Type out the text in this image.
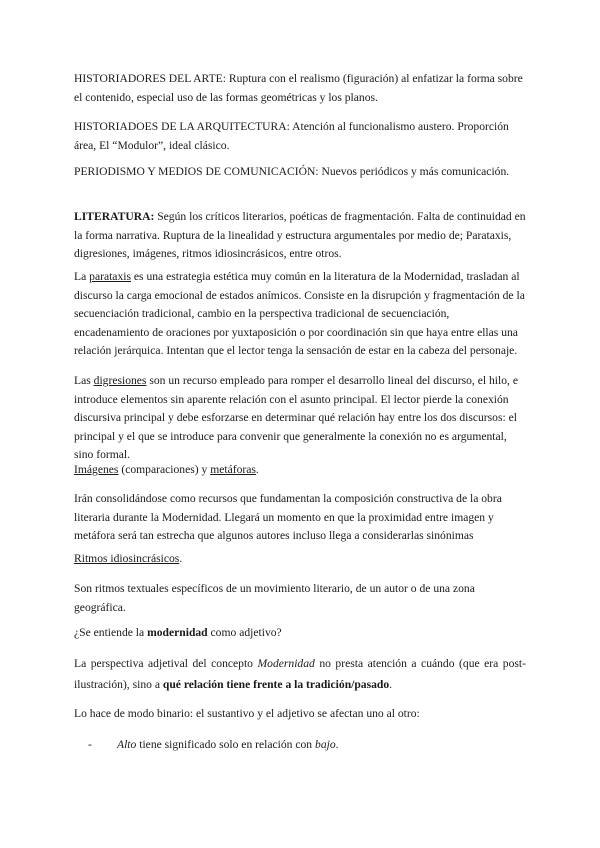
HISTORIADORES DEL ARTE: Ruptura con el realismo (figuración) al enfatizar la forma sobre el contenido, especial uso de las formas geométricas y los planos.

HISTORIADOES DE LA ARQUITECTURA: Atención al funcionalismo austero. Proporción área, El “Modulor”, ideal clásico.

PERIODISMO Y MEDIOS DE COMUNICACIÓN: Nuevos periódicos y más comunicación.

LITERATURA: Según los críticos literarios, poéticas de fragmentación. Falta de continuidad en la forma narrativa. Ruptura de la linealidad y estructura argumentales por medio de; Parataxis, digresiones, imágenes, ritmos idiosincrásicos, entre otros.

La parataxis es una estrategia estética muy común en la literatura de la Modernidad, trasladan al discurso la carga emocional de estados anímicos. Consiste en la disrupción y fragmentación de la secuenciación tradicional, cambio en la perspectiva tradicional de secuenciación, encadenamiento de oraciones por yuxtaposición o por coordinación sin que haya entre ellas una relación jerárquica. Intentan que el lector tenga la sensación de estar en la cabeza del personaje.

Las digresiones son un recurso empleado para romper el desarrollo lineal del discurso, el hilo, e introduce elementos sin aparente relación con el asunto principal. El lector pierde la conexión discursiva principal y debe esforzarse en determinar qué relación hay entre los dos discursos: el principal y el que se introduce para convenir que generalmente la conexión no es argumental, sino formal.

Imágenes (comparaciones) y metáforas.

Irán consolidándose como recursos que fundamentan la composición constructiva de la obra literaria durante la Modernidad. Llegará un momento en que la proximidad entre imagen y metáfora será tan estrecha que algunos autores incluso llega a considerarlas sinónimas

Ritmos idiosincrásicos.

Son ritmos textuales específicos de un movimiento literario, de un autor o de una zona geográfica.

¿Se entiende la modernidad como adjetivo?

La perspectiva adjetival del concepto Modernidad no presta atención a cuándo (que era post-ilustración), sino a qué relación tiene frente a la tradición/pasado.

Lo hace de modo binario: el sustantivo y el adjetivo se afectan uno al otro:

- Alto tiene significado solo en relación con bajo.
